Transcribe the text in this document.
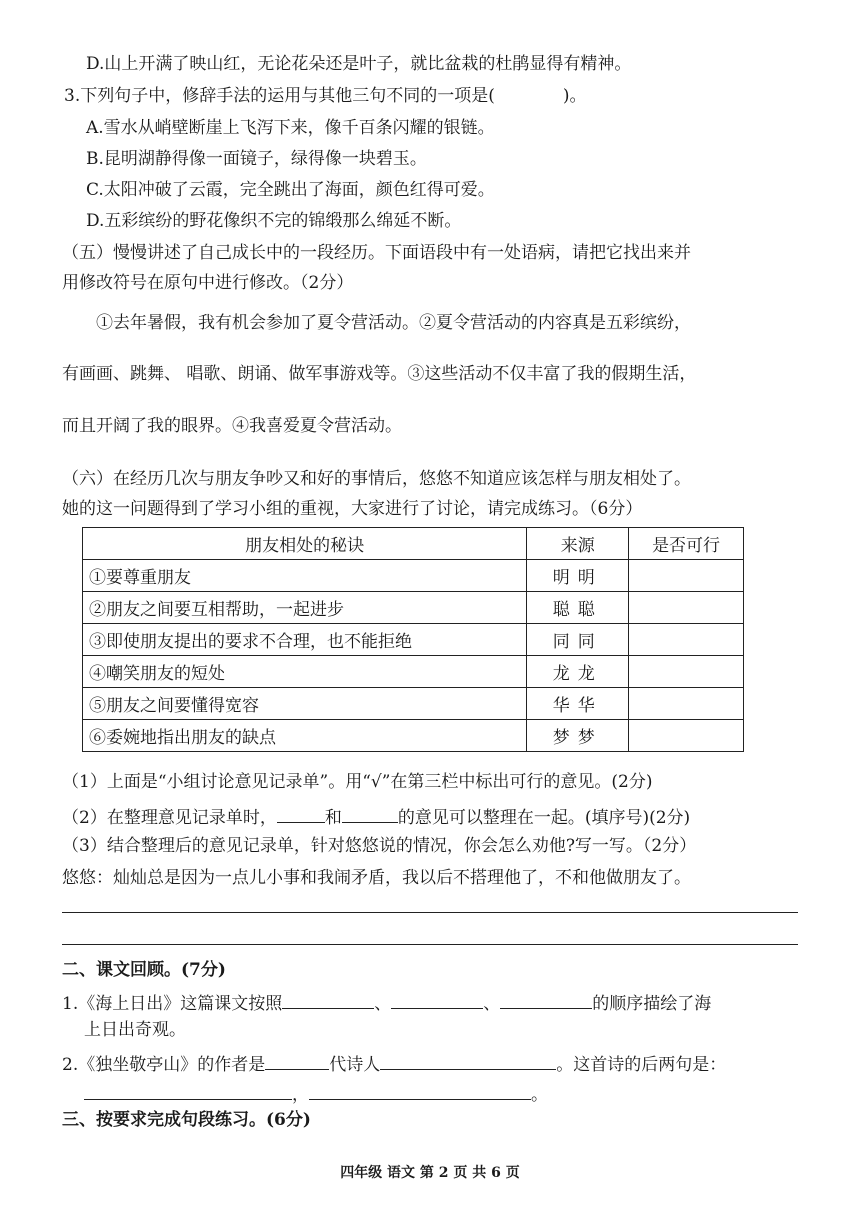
D.山上开满了映山红，无论花朵还是叶子，就比盆栽的杜鹃显得有精神。
3.下列句子中，修辞手法的运用与其他三句不同的一项是(　　　　)。
A.雪水从峭壁断崖上飞泻下来，像千百条闪耀的银链。
B.昆明湖静得像一面镜子，绿得像一块碧玉。
C.太阳冲破了云霞，完全跳出了海面，颜色红得可爱。
D.五彩缤纷的野花像织不完的锦缎那么绵延不断。
（五）慢慢讲述了自己成长中的一段经历。下面语段中有一处语病，请把它找出来并
用修改符号在原句中进行修改。（2分）
①去年暑假，我有机会参加了夏令营活动。②夏令营活动的内容真是五彩缤纷，
有画画、跳舞、 唱歌、朗诵、做军事游戏等。③这些活动不仅丰富了我的假期生活，
而且开阔了我的眼界。④我喜爱夏令营活动。
（六）在经历几次与朋友争吵又和好的事情后，悠悠不知道应该怎样与朋友相处了。
她的这一问题得到了学习小组的重视，大家进行了讨论，请完成练习。（6分）
朋友相处的秘诀	来源	是否可行
①要尊重朋友	明明	
②朋友之间要互相帮助，一起进步	聪聪	
③即使朋友提出的要求不合理，也不能拒绝	同同	
④嘲笑朋友的短处	龙龙	
⑤朋友之间要懂得宽容	华华	
⑥委婉地指出朋友的缺点	梦梦	
（1）上面是“小组讨论意见记录单”。用“√”在第三栏中标出可行的意见。(2分)
（2）在整理意见记录单时，	和	的意见可以整理在一起。(填序号)(2分)
（3）结合整理后的意见记录单，针对悠悠说的情况，你会怎么劝他?写一写。（2分）
悠悠：灿灿总是因为一点儿小事和我闹矛盾，我以后不搭理他了，不和他做朋友了。
二、课文回顾。(7分)
1.《海上日出》这篇课文按照	、	、	的顺序描绘了海
上日出奇观。
2.《独坐敬亭山》的作者是	代诗人	。这首诗的后两句是：
，	。
三、按要求完成句段练习。(6分)
四年级 语文 第 2 页 共 6 页
